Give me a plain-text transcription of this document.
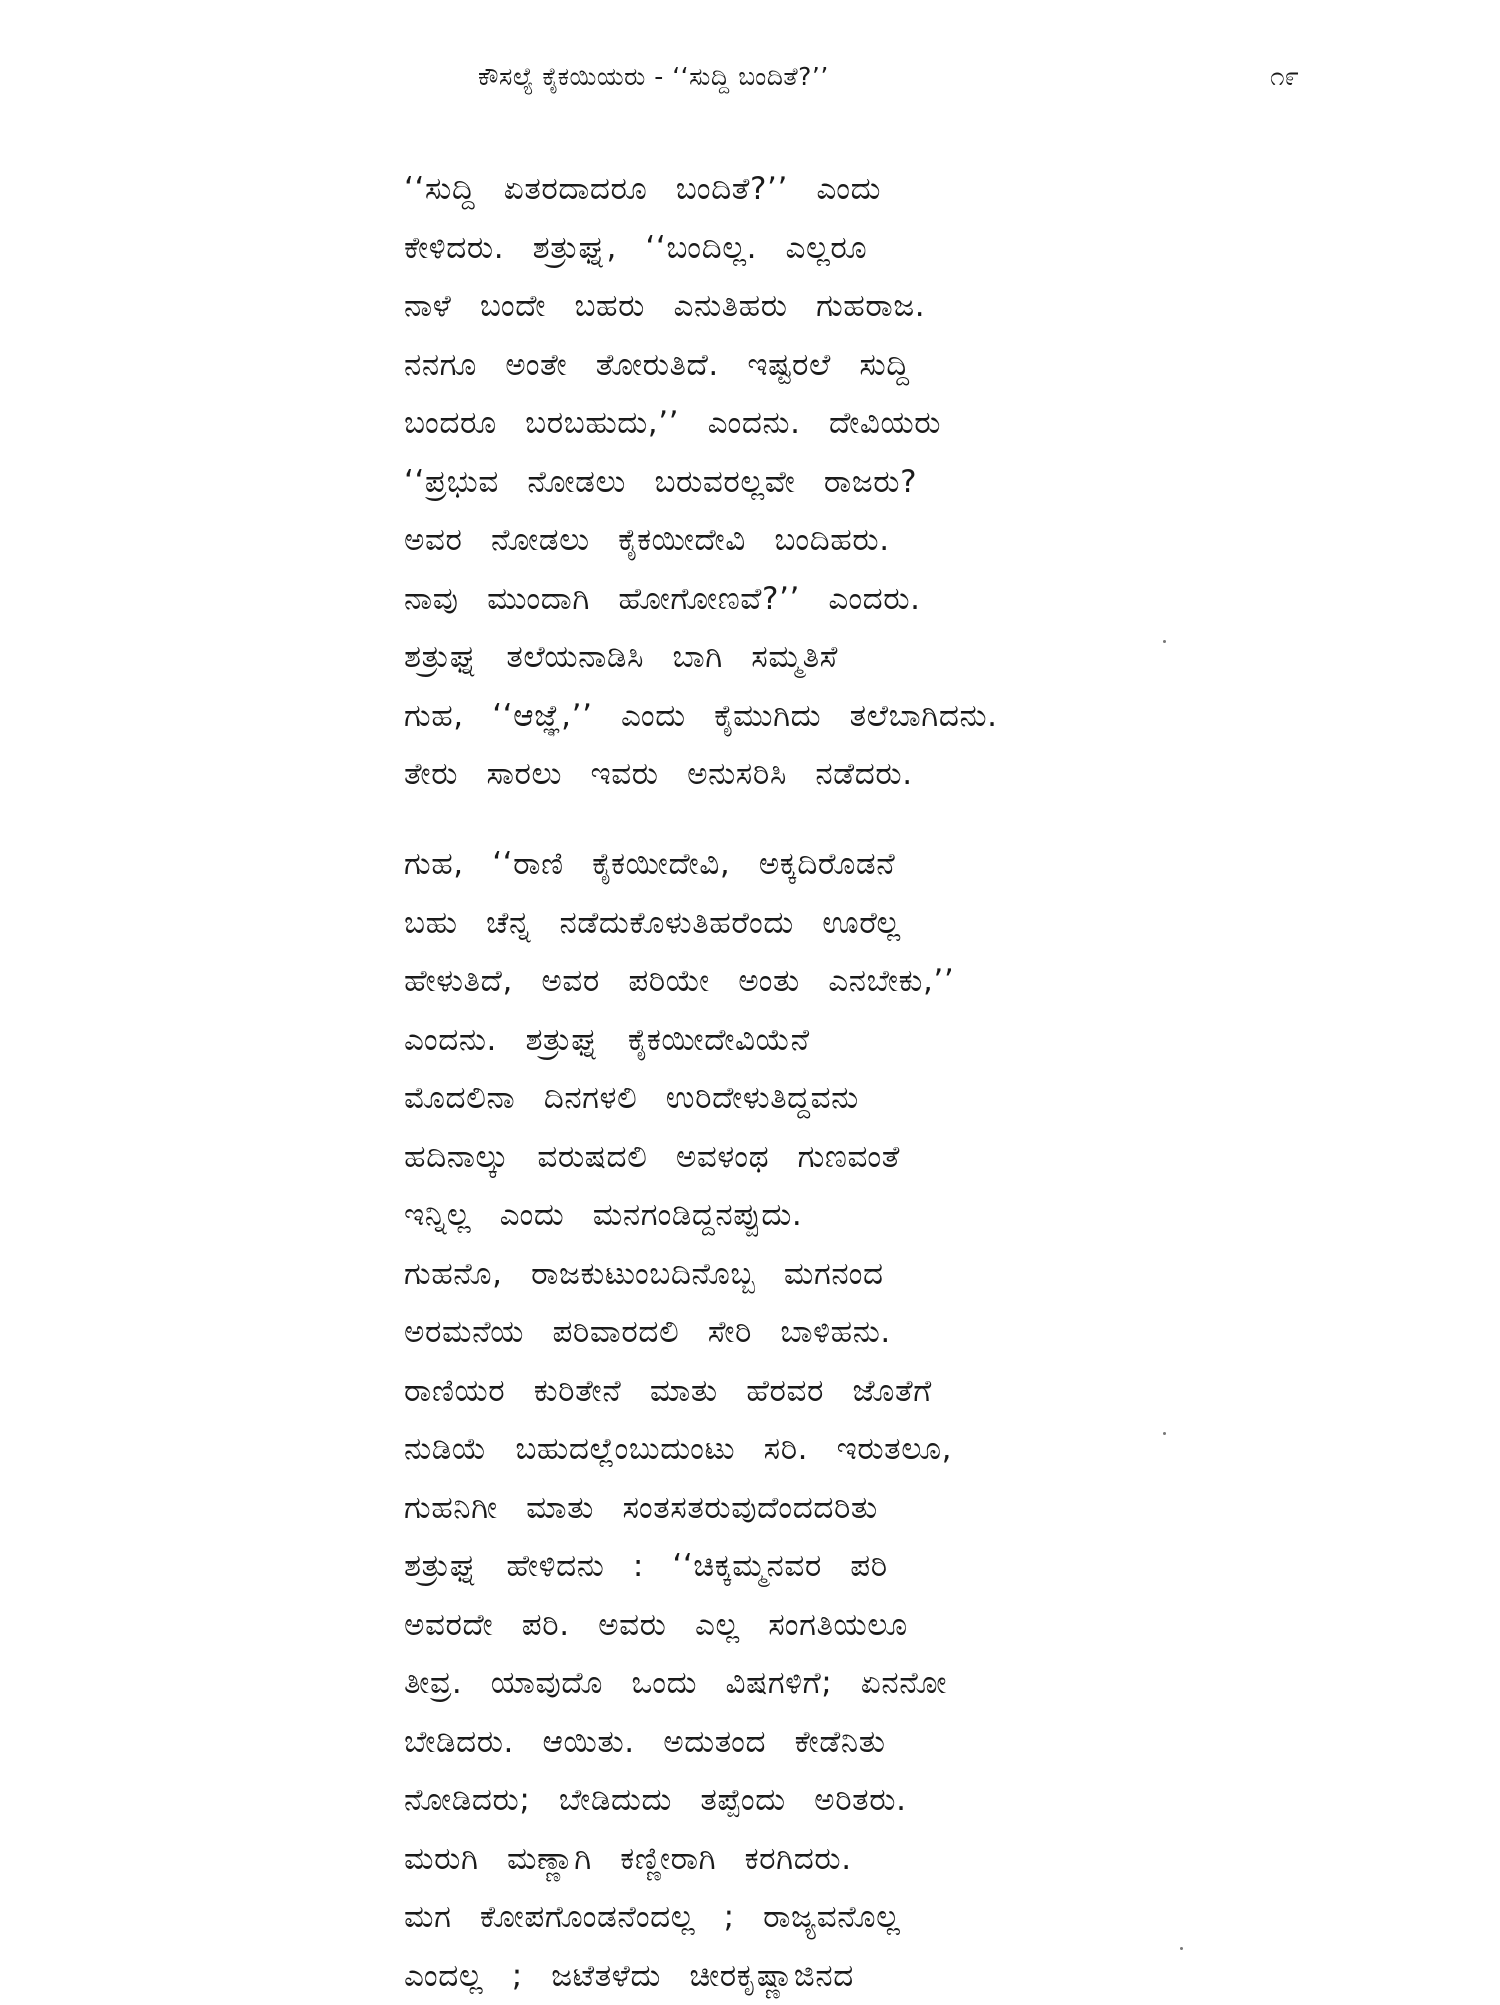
ಕೌಸಲ್ಯೆ ಕೈಕಯಿಯರು - ‘‘ಸುದ್ದಿ ಬಂದಿತೆ?’’	೧೯
‘‘ಸುದ್ದಿ ಏತರದಾದರೂ ಬಂದಿತೆ?’’ ಎಂದು
ಕೇಳಿದರು. ಶತ್ರುಘ್ನ, ‘‘ಬಂದಿಲ್ಲ. ಎಲ್ಲರೂ
ನಾಳೆ ಬಂದೇ ಬಹರು ಎನುತಿಹರು ಗುಹರಾಜ.
ನನಗೂ ಅಂತೇ ತೋರುತಿದೆ. ಇಷ್ಟರಲೆ ಸುದ್ದಿ
ಬಂದರೂ ಬರಬಹುದು,’’ ಎಂದನು. ದೇವಿಯರು
‘‘ಪ್ರಭುವ ನೋಡಲು ಬರುವರಲ್ಲವೇ ರಾಜರು?
ಅವರ ನೋಡಲು ಕೈಕಯೀದೇವಿ ಬಂದಿಹರು.
ನಾವು ಮುಂದಾಗಿ ಹೋಗೋಣವೆ?’’ ಎಂದರು.
ಶತ್ರುಘ್ನ ತಲೆಯನಾಡಿಸಿ ಬಾಗಿ ಸಮ್ಮತಿಸೆ
ಗುಹ, ‘‘ಆಜ್ಞೆ,’’ ಎಂದು ಕೈಮುಗಿದು ತಲೆಬಾಗಿದನು.
ತೇರು ಸಾರಲು ಇವರು ಅನುಸರಿಸಿ ನಡೆದರು.
ಗುಹ, ‘‘ರಾಣಿ ಕೈಕಯೀದೇವಿ, ಅಕ್ಕದಿರೊಡನೆ
ಬಹು ಚೆನ್ನ ನಡೆದುಕೊಳುತಿಹರೆಂದು ಊರೆಲ್ಲ
ಹೇಳುತಿದೆ, ಅವರ ಪರಿಯೇ ಅಂತು ಎನಬೇಕು,’’
ಎಂದನು. ಶತ್ರುಘ್ನ ಕೈಕಯೀದೇವಿಯೆನೆ
ಮೊದಲಿನಾ ದಿನಗಳಲಿ ಉರಿದೇಳುತಿದ್ದವನು
ಹದಿನಾಲ್ಕು ವರುಷದಲಿ ಅವಳಂಥ ಗುಣವಂತೆ
ಇನ್ನಿಲ್ಲ ಎಂದು ಮನಗಂಡಿದ್ದನಪ್ಪುದು.
ಗುಹನೊ, ರಾಜಕುಟುಂಬದಿನೊಬ್ಬ ಮಗನಂದ
ಅರಮನೆಯ ಪರಿವಾರದಲಿ ಸೇರಿ ಬಾಳಿಹನು.
ರಾಣಿಯರ ಕುರಿತೇನೆ ಮಾತು ಹೆರವರ ಜೊತೆಗೆ
ನುಡಿಯೆ ಬಹುದಲ್ಲೆಂಬುದುಂಟು ಸರಿ. ಇರುತಲೂ,
ಗುಹನಿಗೀ ಮಾತು ಸಂತಸತರುವುದೆಂದದರಿತು
ಶತ್ರುಘ್ನ ಹೇಳಿದನು : ‘‘ಚಿಕ್ಕಮ್ಮನವರ ಪರಿ
ಅವರದೇ ಪರಿ. ಅವರು ಎಲ್ಲ ಸಂಗತಿಯಲೂ
ತೀವ್ರ. ಯಾವುದೊ ಒಂದು ವಿಷಗಳಿಗೆ; ಏನನೋ
ಬೇಡಿದರು. ಆಯಿತು. ಅದುತಂದ ಕೇಡೆನಿತು
ನೋಡಿದರು; ಬೇಡಿದುದು ತಪ್ಪೆಂದು ಅರಿತರು.
ಮರುಗಿ ಮಣ್ಣಾಗಿ ಕಣ್ಣೀರಾಗಿ ಕರಗಿದರು.
ಮಗ ಕೋಪಗೊಂಡನೆಂದಲ್ಲ ; ರಾಜ್ಯವನೊಲ್ಲ
ಎಂದಲ್ಲ ; ಜಟೆತಳೆದು ಚೀರಕೃಷ್ಣಾಜಿನದ
